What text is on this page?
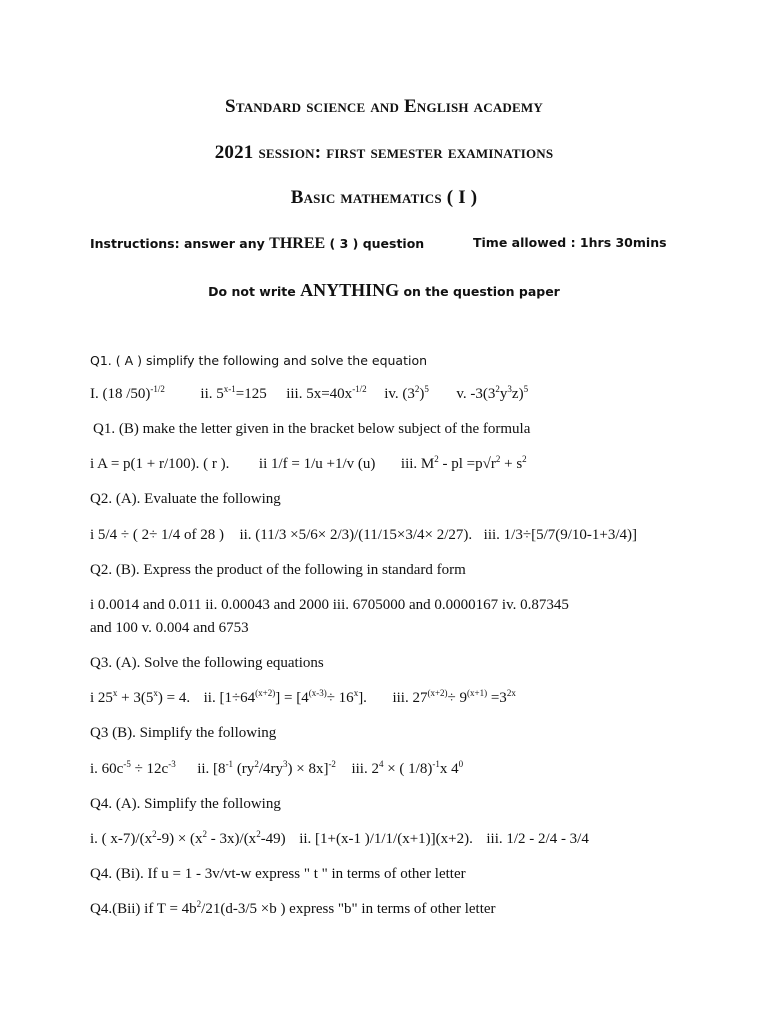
Standard science and English academy
2021 session: first semester examinations
Basic mathematics ( I )
Instructions: answer any THREE ( 3 ) question	Time allowed : 1hrs 30mins
Do not write ANYTHING on the question paper
Q1. ( A ) simplify the following and solve the equation
I. (18 /50)$^{-1/2}$ ii. $5^{x-1}=125$ iii. $5x=40x^{-1/2}$ iv. $(3^2)^5$ v. $-3(3^2y^3z)^5$
Q1. (B) make the letter given in the bracket below subject of the formula
i A = p(1 + r/100). ( r ). ii 1/f = 1/u +1/v (u) iii. $M^2$ - pl $=p√r^2 + s^2$
Q2. (A). Evaluate the following
i 5/4 ÷ ( 2÷ 1/4 of 28 ) ii. (11/3 ×5/6× 2/3)/(11/15×3/4× 2/27). iii. 1/3÷[5/7(9/10-1+3/4)]
Q2. (B). Express the product of the following in standard form
i 0.0014 and 0.011 ii. 0.00043 and 2000 iii. 6705000 and 0.0000167 iv. 0.87345
and 100 v. 0.004 and 6753
Q3. (A). Solve the following equations
i $25^x + 3(5^x) = 4$. ii. $[1\div 64^{(x+2)}] = [4^{(x-3)}\div 16^x]$. iii. $27^{(x+2)}\div 9^{(x+1)} =3^{2x}$
Q3 (B). Simplify the following
i. $60c^{-5} \div 12c^{-3}$ ii. [$8^{-1}$ $(ry^2/4ry^3) \times 8x]^{-2}$ iii. $2^4$ × ( 1/8)$^{-1}$x $4^0$
Q4. (A). Simplify the following
i. ( $x-7)/(x^2-9) \times (x^2 - 3x)/(x^2-49)$ ii. [1+(x-1 )/1/1/(x+1)](x+2). iii. 1/2 - 2/4 - 3/4
Q4. (Bi). If u = 1 - 3v/vt-w express " t " in terms of other letter
Q4.(Bii) if $T = 4b^2/21(d-3/5 \times b$ ) express "b" in terms of other letter
